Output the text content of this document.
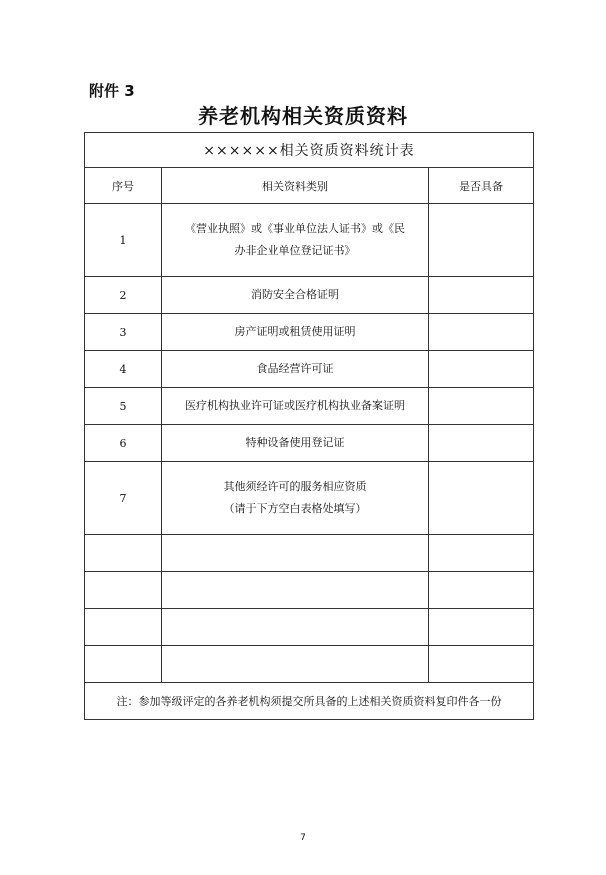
附件 3
养老机构相关资质资料
××××××相关资质资料统计表		
序号	相关资料类别	是否具备
1	《营业执照》或《事业单位法人证书》或《民
办非企业单位登记证书》	

2	消防安全合格证明	
3	房产证明或租赁使用证明	
4	食品经营许可证	
5	医疗机构执业许可证或医疗机构执业备案证明	
6	特种设备使用登记证	
7	其他须经许可的服务相应资质
（请于下方空白表格处填写）	

注：参加等级评定的各养老机构须提交所具备的上述相关资质资料复印件各一份		
7
